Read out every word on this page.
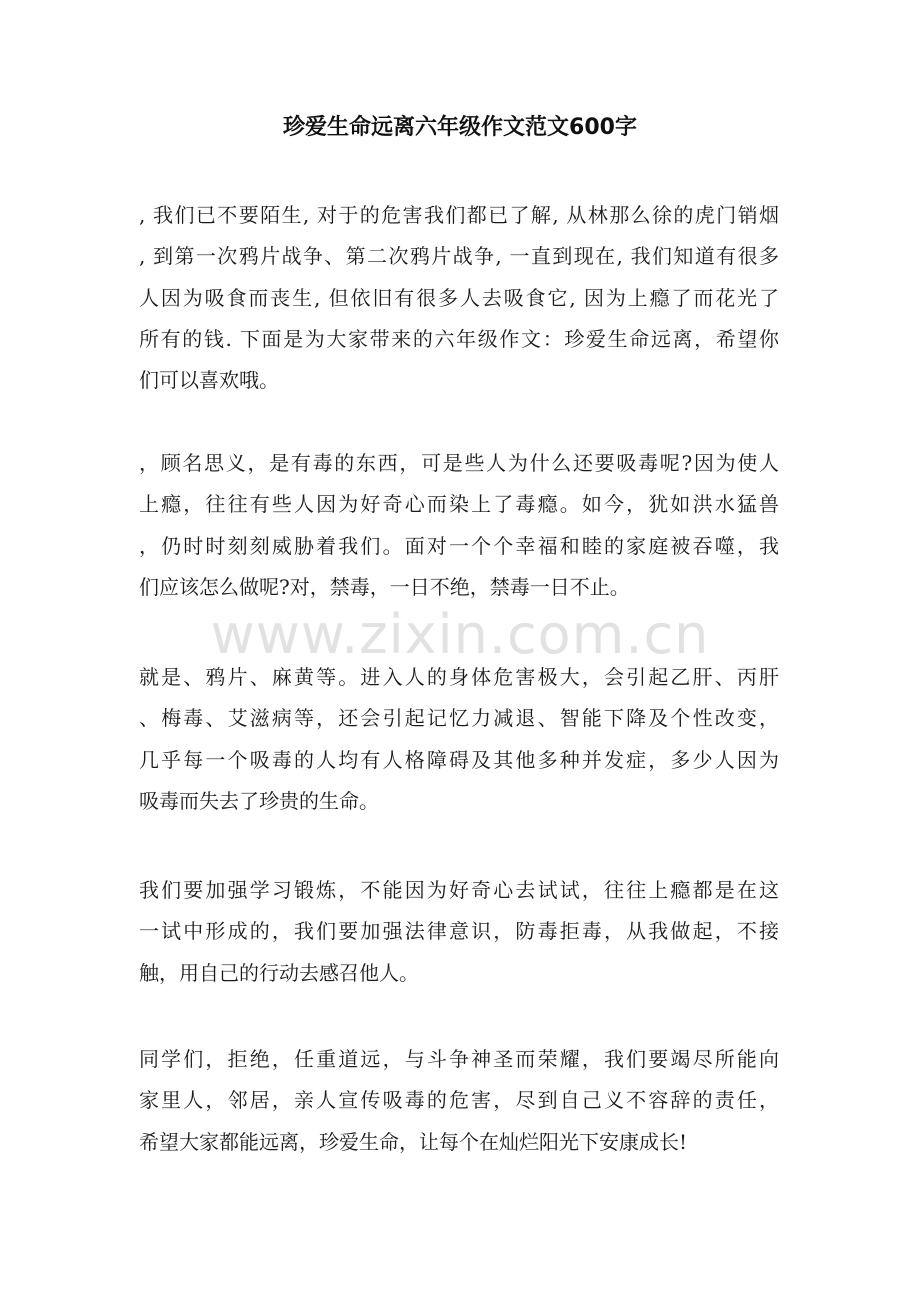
珍爱生命远离六年级作文范文600字

, 我们已不要陌生, 对于的危害我们都已了解, 从林那么徐的虎门销烟
, 到第一次鸦片战争、第二次鸦片战争, 一直到现在, 我们知道有很多
人因为吸食而丧生, 但依旧有很多人去吸食它, 因为上瘾了而花光了
所有的钱. 下面是为大家带来的六年级作文：珍爱生命远离，希望你
们可以喜欢哦。

，顾名思义，是有毒的东西，可是些人为什么还要吸毒呢?因为使人
上瘾，往往有些人因为好奇心而染上了毒瘾。如今，犹如洪水猛兽
，仍时时刻刻威胁着我们。面对一个个幸福和睦的家庭被吞噬，我
们应该怎么做呢?对，禁毒，一日不绝，禁毒一日不止。

www.zixin.com.cn

就是、鸦片、麻黄等。进入人的身体危害极大，会引起乙肝、丙肝
、梅毒、艾滋病等，还会引起记忆力减退、智能下降及个性改变，
几乎每一个吸毒的人均有人格障碍及其他多种并发症，多少人因为
吸毒而失去了珍贵的生命。

我们要加强学习锻炼，不能因为好奇心去试试，往往上瘾都是在这
一试中形成的，我们要加强法律意识，防毒拒毒，从我做起，不接
触，用自己的行动去感召他人。

同学们，拒绝，任重道远，与斗争神圣而荣耀，我们要竭尽所能向
家里人，邻居，亲人宣传吸毒的危害，尽到自己义不容辞的责任，
希望大家都能远离，珍爱生命，让每个在灿烂阳光下安康成长!
